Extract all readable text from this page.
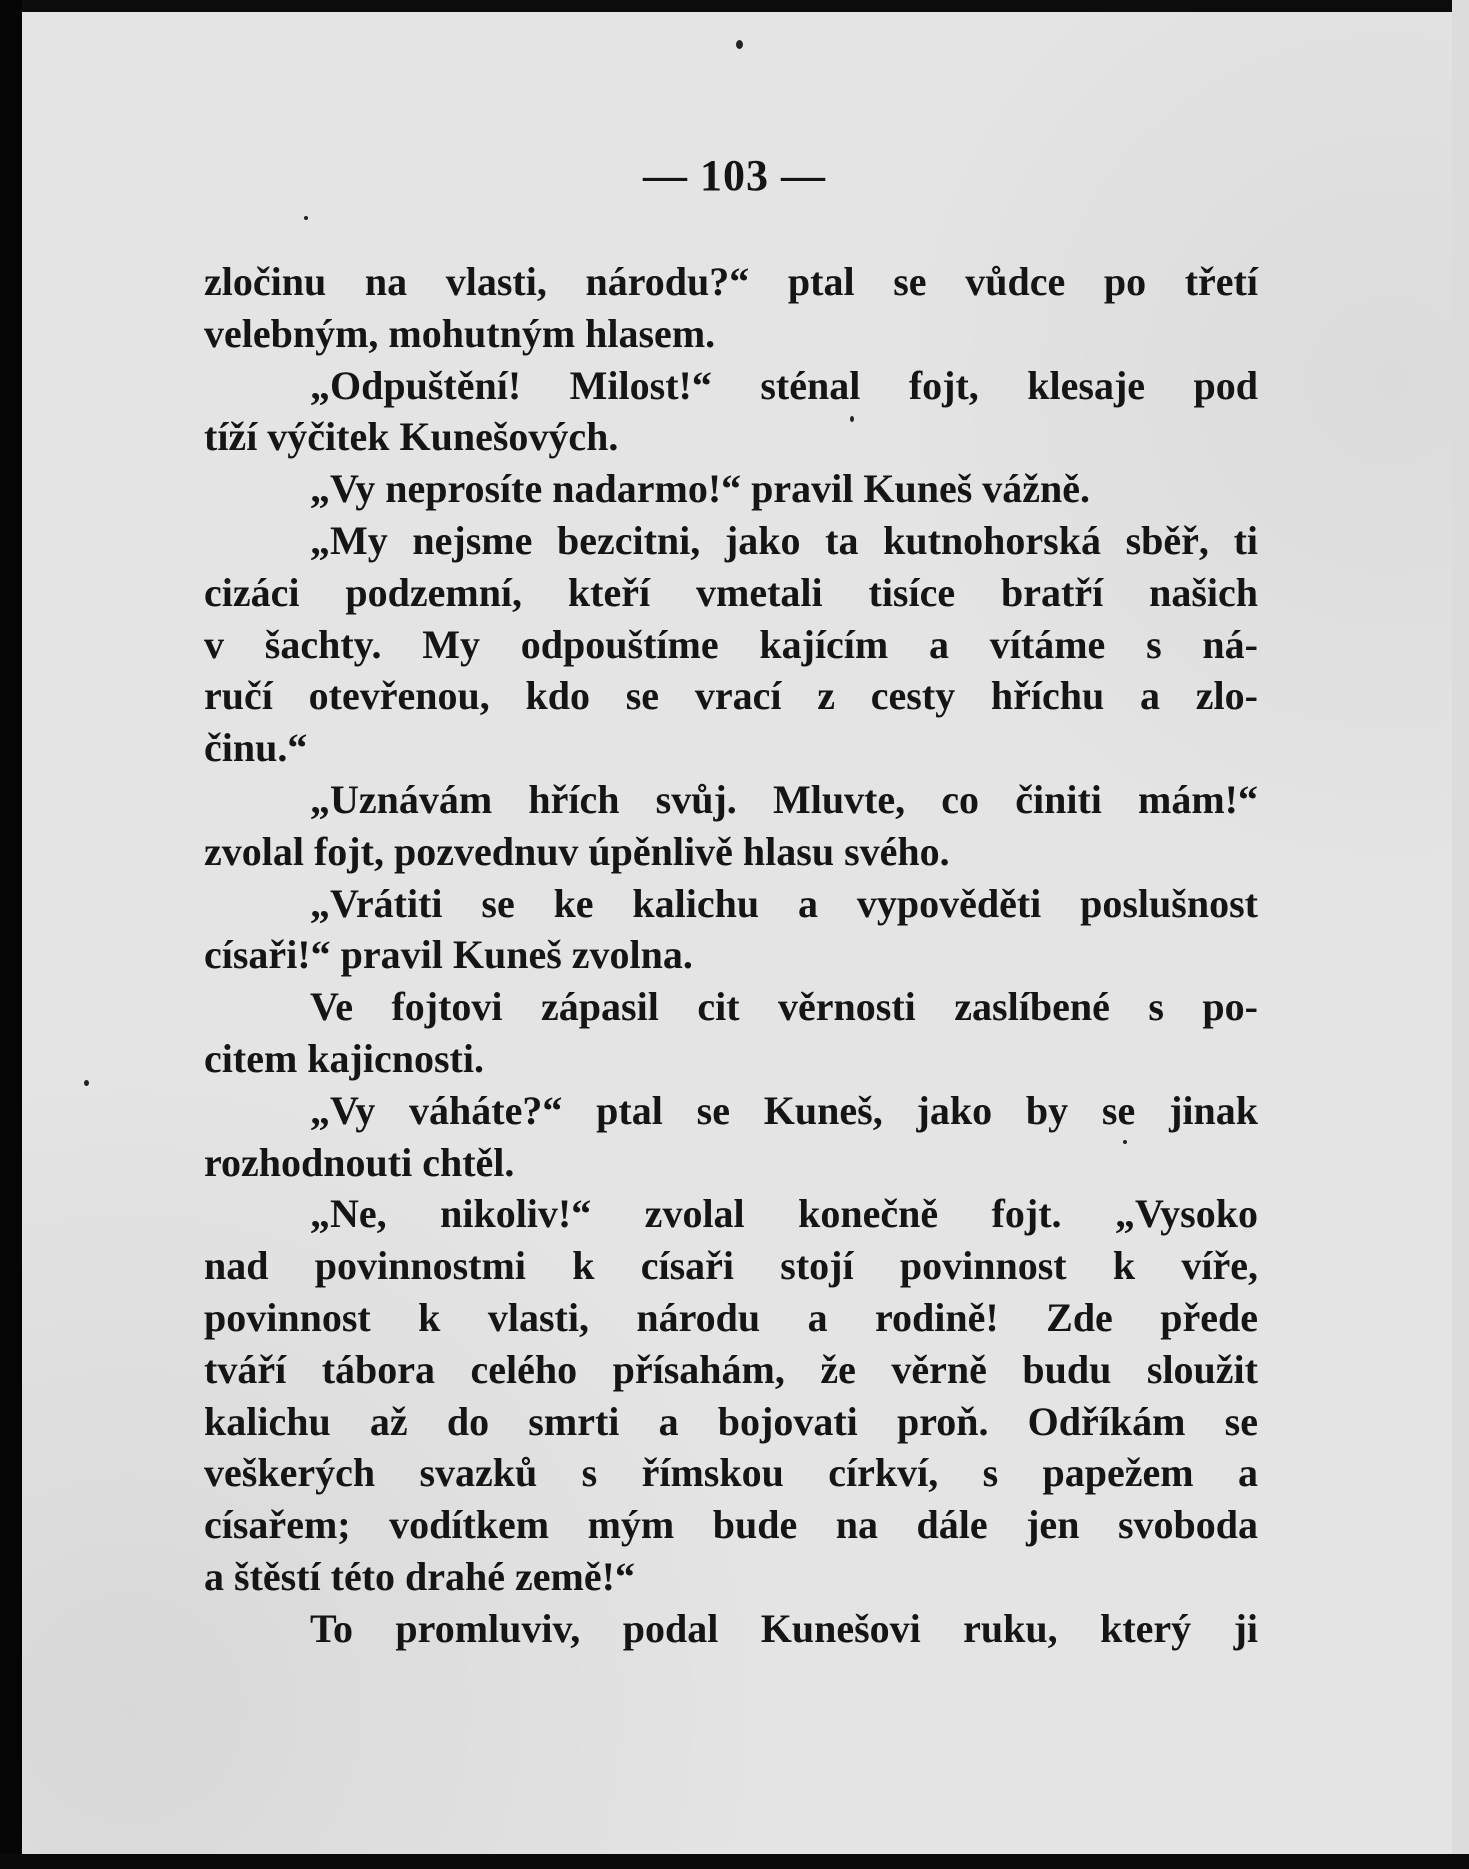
— 103 —
zločinu na vlasti, národu?“ ptal se vůdce po třetí
velebným, mohutným hlasem.
„Odpuštění! Milost!“ sténal fojt, klesaje pod
tíží výčitek Kunešových.
„Vy neprosíte nadarmo!“ pravil Kuneš vážně.
„My nejsme bezcitni, jako ta kutnohorská sběř, ti
cizáci podzemní, kteří vmetali tisíce bratří našich
v šachty. My odpouštíme kajícím a vítáme s ná-
ručí otevřenou, kdo se vrací z cesty hříchu a zlo-
činu.“
„Uznávám hřích svůj. Mluvte, co činiti mám!“
zvolal fojt, pozvednuv úpěnlivě hlasu svého.
„Vrátiti se ke kalichu a vypověděti poslušnost
císaři!“ pravil Kuneš zvolna.
Ve fojtovi zápasil cit věrnosti zaslíbené s po-
citem kajicnosti.
„Vy váháte?“ ptal se Kuneš, jako by se jinak
rozhodnouti chtěl.
„Ne, nikoliv!“ zvolal konečně fojt. „Vysoko
nad povinnostmi k císaři stojí povinnost k víře,
povinnost k vlasti, národu a rodině! Zde přede
tváří tábora celého přísahám, že věrně budu sloužit
kalichu až do smrti a bojovati proň. Odříkám se
veškerých svazků s římskou církví, s papežem a
císařem; vodítkem mým bude na dále jen svoboda
a štěstí této drahé země!“
To promluviv, podal Kunešovi ruku, který ji
